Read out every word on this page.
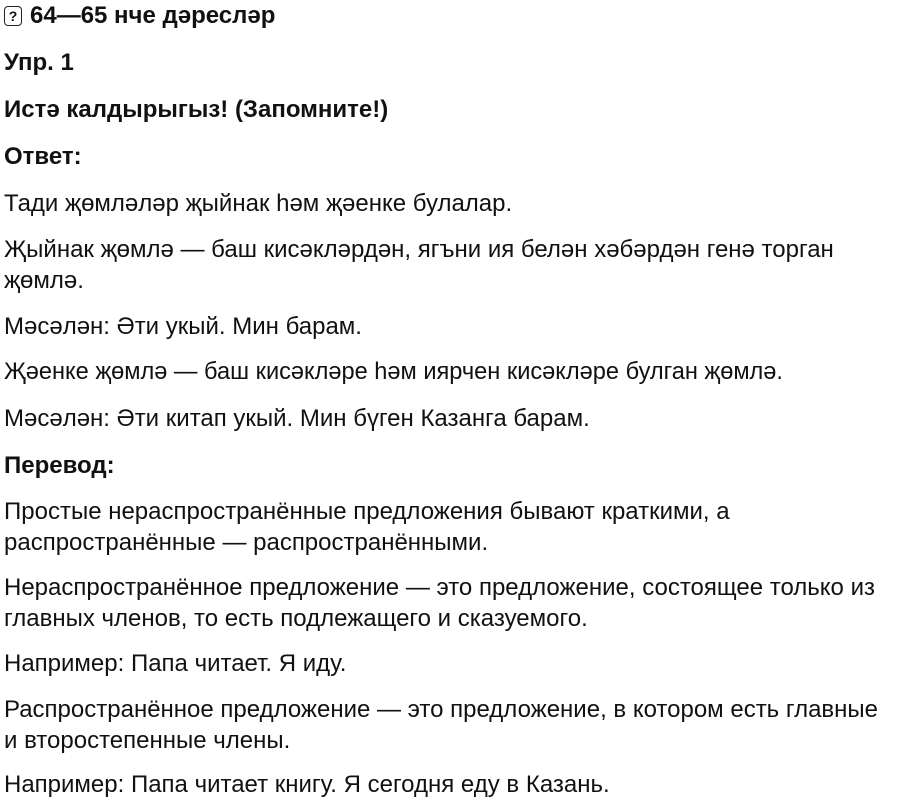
? 64—65 нче дәресләр
Упр. 1
Истә калдырыгыз! (Запомните!)
Ответ:
Тади җөмләләр җыйнак һәм җәенке булалар.
Җыйнак җөмлә — баш кисәкләрдән, ягъни ия белән хәбәрдән генә торган җөмлә.
Мәсәлән: Әти укый. Мин барам.
Җәенке җөмлә — баш кисәкләре һәм иярчен кисәкләре булган җөмлә.
Мәсәлән: Әти китап укый. Мин бүген Казанга барам.
Перевод:
Простые нераспространённые предложения бывают краткими, а распространённые — распространёнными.
Нераспространённое предложение — это предложение, состоящее только из главных членов, то есть подлежащего и сказуемого.
Например: Папа читает. Я иду.
Распространённое предложение — это предложение, в котором есть главные и второстепенные члены.
Например: Папа читает книгу. Я сегодня еду в Казань.
